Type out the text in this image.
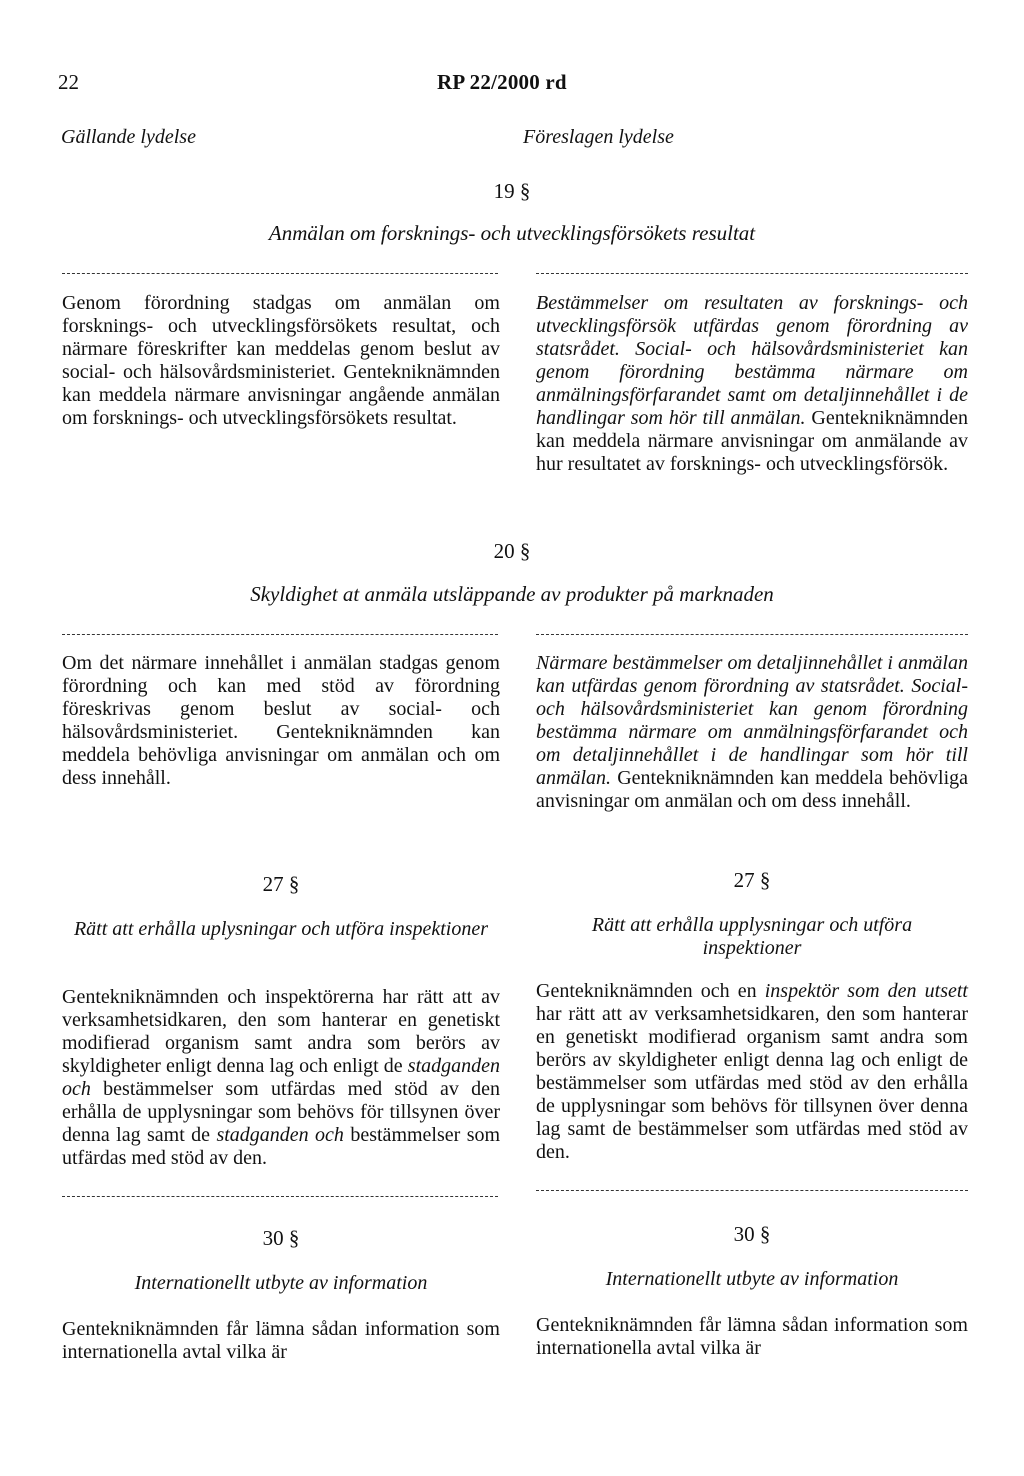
22	RP 22/2000 rd
Gällande lydelse	Föreslagen lydelse
19 §
Anmälan om forsknings- och utvecklingsförsökets resultat

Genom förordning stadgas om anmälan om forsknings- och utvecklingsförsökets resultat, och närmare föreskrifter kan meddelas genom beslut av social- och hälsovårdsministeriet. Gentekniknämnden kan meddela närmare anvisningar angående anmälan om forsknings- och utvecklingsförsökets resultat.

Bestämmelser om resultaten av forsknings- och utvecklingsförsök utfärdas genom förordning av statsrådet. Social- och hälsovårdsministeriet kan genom förordning bestämma närmare om anmälningsförfarandet samt om detaljinnehållet i de handlingar som hör till anmälan. Gentekniknämnden kan meddela närmare anvisningar om anmälande av hur resultatet av forsknings- och utvecklingsförsök.

20 §
Skyldighet at anmäla utsläppande av produkter på marknaden

Om det närmare innehållet i anmälan stadgas genom förordning och kan med stöd av förordning föreskrivas genom beslut av social- och hälsovårdsministeriet. Gentekniknämnden kan meddela behövliga anvisningar om anmälan och om dess innehåll.

Närmare bestämmelser om detaljinnehållet i anmälan kan utfärdas genom förordning av statsrådet. Social- och hälsovårdsministeriet kan genom förordning bestämma närmare om anmälningsförfarandet och om detaljinnehållet i de handlingar som hör till anmälan. Gentekniknämnden kan meddela behövliga anvisningar om anmälan och om dess innehåll.

27 §	27 §
Rätt att erhålla uplysningar och utföra inspektioner	Rätt att erhålla upplysningar och utföra inspektioner

Gentekniknämnden och inspektörerna har rätt att av verksamhetsidkaren, den som hanterar en genetiskt modifierad organism samt andra som berörs av skyldigheter enligt denna lag och enligt de stadganden och bestämmelser som utfärdas med stöd av den erhålla de upplysningar som behövs för tillsynen över denna lag samt de stadganden och bestämmelser som utfärdas med stöd av den.

Gentekniknämnden och en inspektör som den utsett har rätt att av verksamhetsidkaren, den som hanterar en genetiskt modifierad organism samt andra som berörs av skyldigheter enligt denna lag och enligt de bestämmelser som utfärdas med stöd av den erhålla de upplysningar som behövs för tillsynen över denna lag samt de bestämmelser som utfärdas med stöd av den.

30 §	30 §
Internationellt utbyte av information	Internationellt utbyte av information

Gentekniknämnden får lämna sådan information som internationella avtal vilka är

Gentekniknämnden får lämna sådan information som internationella avtal vilka är
